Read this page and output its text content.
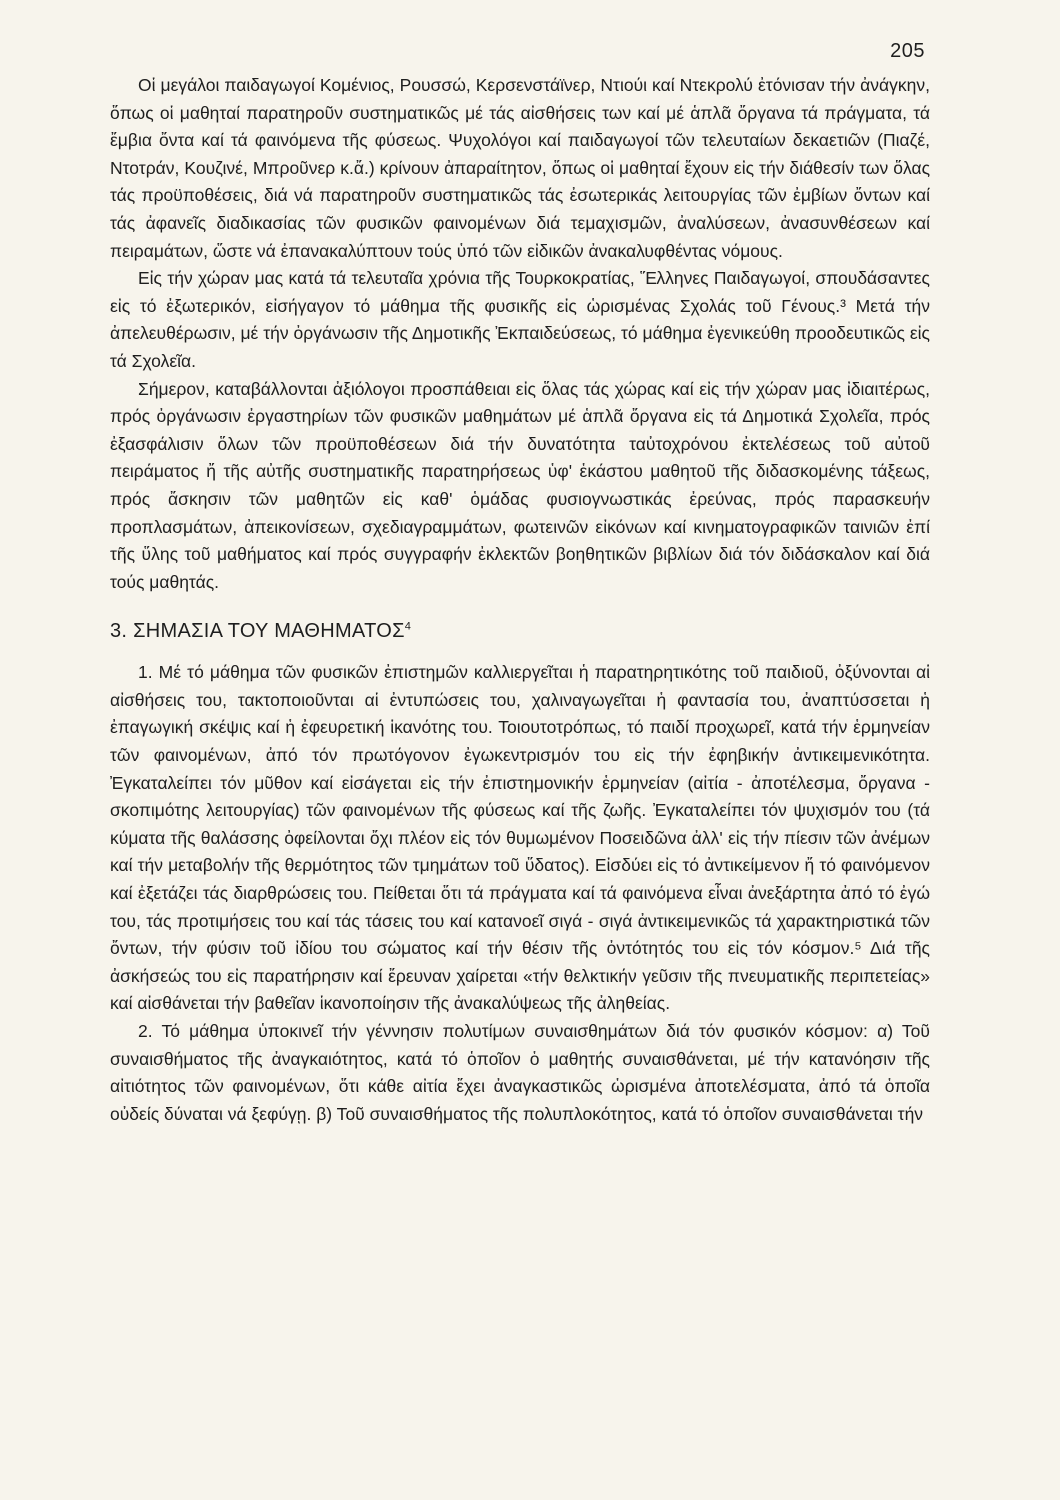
205

Οἱ μεγάλοι παιδαγωγοί Κομένιος, Ρουσσώ, Κερσενστάϊνερ, Ντιούι καί Ντεκρολύ ἐτόνισαν τήν ἀνάγκην, ὅπως οἱ μαθηταί παρατηροῦν συστηματικῶς μέ τάς αἰσθήσεις των καί μέ ἁπλᾶ ὄργανα τά πράγματα, τά ἔμβια ὄντα καί τά φαινόμενα τῆς φύσεως. Ψυχολόγοι καί παιδαγωγοί τῶν τελευταίων δεκαετιῶν (Πιαζέ, Ντοτράν, Κουζινέ, Μπροῦνερ κ.ἄ.) κρίνουν ἀπαραίτητον, ὅπως οἱ μαθηταί ἔχουν εἰς τήν διάθεσίν των ὅλας τάς προϋποθέσεις, διά νά παρατηροῦν συστηματικῶς τάς ἐσωτερικάς λειτουργίας τῶν ἐμβίων ὄντων καί τάς ἀφανεῖς διαδικασίας τῶν φυσικῶν φαινομένων διά τεμαχισμῶν, ἀναλύσεων, ἀνασυνθέσεων καί πειραμάτων, ὥστε νά ἐπανακαλύπτουν τούς ὑπό τῶν εἰδικῶν ἀνακαλυφθέντας νόμους.

Εἰς τήν χώραν μας κατά τά τελευταῖα χρόνια τῆς Τουρκοκρατίας, Ἕλληνες Παιδαγωγοί, σπουδάσαντες εἰς τό ἐξωτερικόν, εἰσήγαγον τό μάθημα τῆς φυσικῆς εἰς ὡρισμένας Σχολάς τοῦ Γένους.³ Μετά τήν ἀπελευθέρωσιν, μέ τήν ὀργάνωσιν τῆς Δημοτικῆς Ἐκπαιδεύσεως, τό μάθημα ἐγενικεύθη προοδευτικῶς εἰς τά Σχολεῖα.

Σήμερον, καταβάλλονται ἀξιόλογοι προσπάθειαι εἰς ὅλας τάς χώρας καί εἰς τήν χώραν μας ἰδιαιτέρως, πρός ὀργάνωσιν ἐργαστηρίων τῶν φυσικῶν μαθημάτων μέ ἁπλᾶ ὄργανα εἰς τά Δημοτικά Σχολεῖα, πρός ἐξασφάλισιν ὅλων τῶν προϋποθέσεων διά τήν δυνατότητα ταὐτοχρόνου ἐκτελέσεως τοῦ αὐτοῦ πειράματος ἤ τῆς αὐτῆς συστηματικῆς παρατηρήσεως ὑφ' ἑκάστου μαθητοῦ τῆς διδασκομένης τάξεως, πρός ἄσκησιν τῶν μαθητῶν εἰς καθ' ὁμάδας φυσιογνωστικάς ἐρεύνας, πρός παρασκευήν προπλασμάτων, ἀπεικονίσεων, σχεδιαγραμμάτων, φωτεινῶν εἰκόνων καί κινηματογραφικῶν ταινιῶν ἐπί τῆς ὕλης τοῦ μαθήματος καί πρός συγγραφήν ἐκλεκτῶν βοηθητικῶν βιβλίων διά τόν διδάσκαλον καί διά τούς μαθητάς.

3. ΣΗΜΑΣΙΑ ΤΟΥ ΜΑΘΗΜΑΤΟΣ$^4$

1. Μέ τό μάθημα τῶν φυσικῶν ἐπιστημῶν καλλιεργεῖται ἡ παρατηρητικότης τοῦ παιδιοῦ, ὀξύνονται αἱ αἰσθήσεις του, τακτοποιοῦνται αἱ ἐντυπώσεις του, χαλιναγωγεῖται ἡ φαντασία του, ἀναπτύσσεται ἡ ἐπαγωγική σκέψις καί ἡ ἐφευρετική ἱκανότης του. Τοιουτοτρόπως, τό παιδί προχωρεῖ, κατά τήν ἑρμηνείαν τῶν φαινομένων, ἀπό τόν πρωτόγονον ἐγωκεντρισμόν του εἰς τήν ἐφηβικήν ἀντικειμενικότητα. Ἐγκαταλείπει τόν μῦθον καί εἰσάγεται εἰς τήν ἐπιστημονικήν ἑρμηνείαν (αἰτία - ἀποτέλεσμα, ὄργανα - σκοπιμότης λειτουργίας) τῶν φαινομένων τῆς φύσεως καί τῆς ζωῆς. Ἐγκαταλείπει τόν ψυχισμόν του (τά κύματα τῆς θαλάσσης ὀφείλονται ὄχι πλέον εἰς τόν θυμωμένον Ποσειδῶνα ἀλλ' εἰς τήν πίεσιν τῶν ἀνέμων καί τήν μεταβολήν τῆς θερμότητος τῶν τμημάτων τοῦ ὕδατος). Εἰσδύει εἰς τό ἀντικείμενον ἤ τό φαινόμενον καί ἐξετάζει τάς διαρθρώσεις του. Πείθεται ὅτι τά πράγματα καί τά φαινόμενα εἶναι ἀνεξάρτητα ἀπό τό ἐγώ του, τάς προτιμήσεις του καί τάς τάσεις του καί κατανοεῖ σιγά - σιγά ἀντικειμενικῶς τά χαρακτηριστικά τῶν ὄντων, τήν φύσιν τοῦ ἰδίου του σώματος καί τήν θέσιν τῆς ὀντότητός του εἰς τόν κόσμον.⁵ Διά τῆς ἀσκήσεώς του εἰς παρατήρησιν καί ἔρευναν χαίρεται «τήν θελκτικήν γεῦσιν τῆς πνευματικῆς περιπετείας» καί αἰσθάνεται τήν βαθεῖαν ἱκανοποίησιν τῆς ἀνακαλύψεως τῆς ἀληθείας.

2. Τό μάθημα ὑποκινεῖ τήν γέννησιν πολυτίμων συναισθημάτων διά τόν φυσικόν κόσμον: α) Τοῦ συναισθήματος τῆς ἀναγκαιότητος, κατά τό ὁποῖον ὁ μαθητής συναισθάνεται, μέ τήν κατανόησιν τῆς αἰτιότητος τῶν φαινομένων, ὅτι κάθε αἰτία ἔχει ἀναγκαστικῶς ὡρισμένα ἀποτελέσματα, ἀπό τά ὁποῖα οὐδείς δύναται νά ξεφύγῃ. β) Τοῦ συναισθήματος τῆς πολυπλοκότητος, κατά τό ὁποῖον συναισθάνεται τήν
